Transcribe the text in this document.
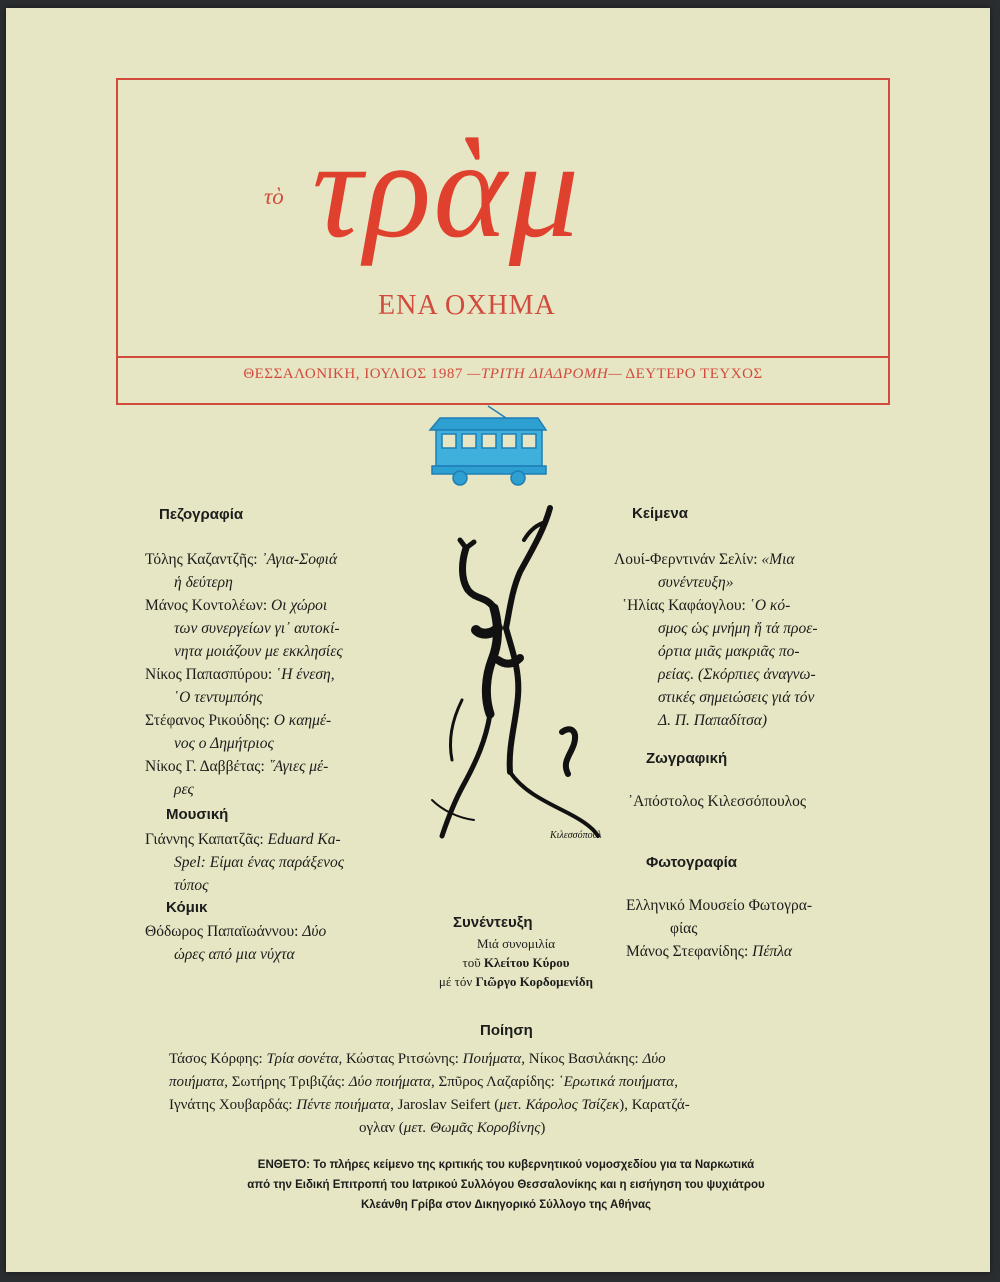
τὸ τρὰμ
ΕΝΑ ΟΧΗΜΑ
ΘΕΣΣΑΛΟΝΙΚΗ, ΙΟΥΛΙΟΣ 1987 —ΤΡΙΤΗ ΔΙΑΔΡΟΜΗ— ΔΕΥΤΕΡΟ ΤΕΥΧΟΣ
Κιλεσσόπουλ
Πεζογραφία
Τόλης Καζαντζῆς: ᾿Αγια-Σοφιά
ἡ δεύτερη
Μάνος Κοντολέων: Οι χώροι
των συνεργείων γι᾿ αυτοκί-
νητα μοιάζουν με εκκλησίες
Νίκος Παπασπύρου: ῾Η ένεση,
῾Ο τεντυμπόης
Στέφανος Ρικούδης: Ο καημέ-
νος ο Δημήτριος
Νίκος Γ. Δαββέτας: ῞Αγιες μέ-
ρες
Μουσική
Γιάννης Καπατζᾶς: Eduard Ka-
Spel: Είμαι ένας παράξενος
τύπος
Κόμικ
Θόδωρος Παπαϊωάννου: Δύο
ώρες από μια νύχτα
Συνέντευξη
Μιά συνομιλία
τοῦ Κλείτου Κύρου
μέ τόν Γιῶργο Κορδομενίδη
Κείμενα
Λουί-Φερντινάν Σελίν: «Μια
συνέντευξη»
῾Ηλίας Καφάογλου: ῾Ο κό-
σμος ὡς μνήμη ἤ τά προε-
όρτια μιᾶς μακριᾶς πο-
ρείας. (Σκόρπιες ἀναγνω-
στικές σημειώσεις γιά τόν
Δ. Π. Παπαδίτσα)
Ζωγραφική
᾿Απόστολος Κιλεσσόπουλος
Φωτογραφία
Ελληνικό Μουσείο Φωτογρα-
φίας
Μάνος Στεφανίδης: Πέπλα
Ποίηση
Τάσος Κόρφης: Τρία σονέτα, Κώστας Ριτσώνης: Ποιήματα, Νίκος Βασιλάκης: Δύο
ποιήματα, Σωτήρης Τριβιζάς: Δύο ποιήματα, Σπῦρος Λαζαρίδης: ῾Ερωτικά ποιήματα,
Ιγνάτης Χουβαρδάς: Πέντε ποιήματα, Jaroslav Seifert (μετ. Κάρολος Τσίζεκ), Καρατζά-
ογλαν (μετ. Θωμᾶς Κοροβίνης)
ΕΝΘΕΤΟ: Το πλήρες κείμενο της κριτικής του κυβερνητικού νομοσχεδίου για τα Ναρκωτικά
από την Ειδική Επιτροπή του Ιατρικού Συλλόγου Θεσσαλονίκης και η εισήγηση του ψυχιάτρου
Κλεάνθη Γρίβα στον Δικηγορικό Σύλλογο της Αθήνας
